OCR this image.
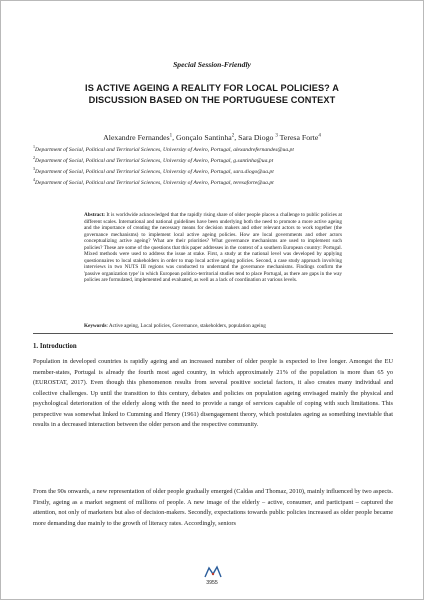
Special Session-Friendly
IS ACTIVE AGEING A REALITY FOR LOCAL POLICIES? A DISCUSSION BASED ON THE PORTUGUESE CONTEXT
Alexandre Fernandes$^1$, Gonçalo Santinha$^2$, Sara Diogo $^3$ Teresa Forte$^4$

$^1$Department of Social, Political and Territorial Sciences, University of Aveiro, Portugal, alexandrefernandes@ua.pt

$^2$Department of Social, Political and Territorial Sciences, University of Aveiro, Portugal, g.santinha@ua.pt

$^3$Department of Social, Political and Territorial Sciences, University of Aveiro, Portugal, sara.diogo@ua.pt

$^4$Department of Social, Political and Territorial Sciences, University of Aveiro, Portugal, teresaforte@ua.pt

Abstract: It is worldwide acknowledged that the rapidly rising share of older people places a challenge to public policies at different scales. International and national guidelines have been underlying both the need to promote a more active ageing and the importance of creating the necessary means for decision makers and other relevant actors to work together (the governance mechanisms) to implement local active ageing policies. How are local governments and other actors conceptualizing active ageing? What are their priorities? What governance mechanisms are used to implement such policies? These are some of the questions that this paper addresses in the context of a southern European country: Portugal. Mixed methods were used to address the issue at stake. First, a study at the national level was developed by applying questionnaires to local stakeholders in order to map local active ageing policies. Second, a case study approach involving interviews in two NUTS III regions was conducted to understand the governance mechanisms. Findings confirm the 'passive organization type' in which European politico-territorial studies tend to place Portugal, as there are gaps in the way policies are formulated, implemented and evaluated, as well as a lack of coordination at various levels.
Keywords: Active ageing, Local policies, Governance, stakeholders, population ageing
1. Introduction

Population in developed countries is rapidly ageing and an increased number of older people is expected to live longer. Amongst the EU member-states, Portugal is already the fourth most aged country, in which approximately 21% of the population is more than 65 yo (EUROSTAT, 2017). Even though this phenomenon results from several positive societal factors, it also creates many individual and collective challenges. Up until the transition to this century, debates and policies on population ageing envisaged mainly the physical and psychological deterioration of the elderly along with the need to provide a range of services capable of coping with such limitations. This perspective was somewhat linked to Cumming and Henry (1961) disengagement theory, which postulates ageing as something inevitable that results in a decreased interaction between the older person and the respective community.

From the 90s onwards, a new representation of older people gradually emerged (Caldas and Thomaz, 2010), mainly influenced by two aspects. Firstly, ageing as a market segment of millions of people. A new image of the elderly – active, consumer, and participant – captured the attention, not only of marketers but also of decision-makers. Secondly, expectations towards public policies increased as older people became more demanding due mainly to the growth of literacy rates. Accordingly, seniors

3955
